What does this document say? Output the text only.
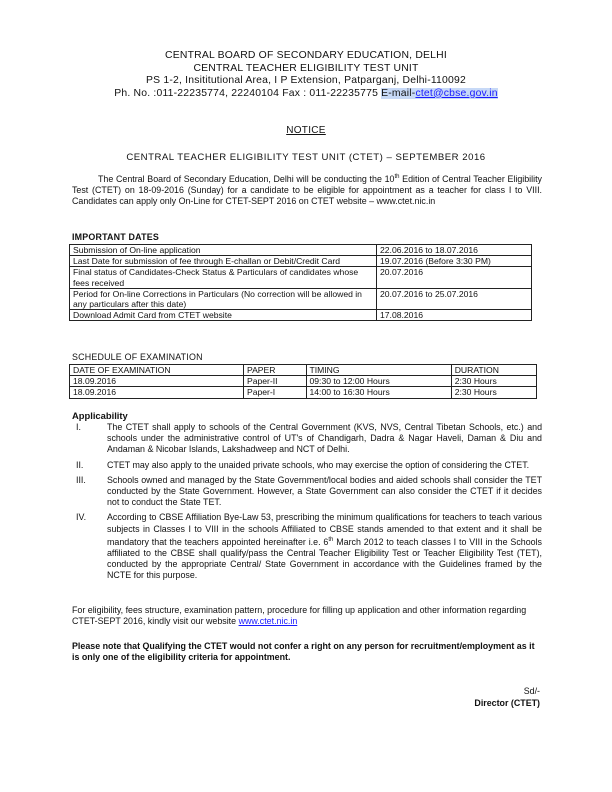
CENTRAL BOARD OF SECONDARY EDUCATION, DELHI
CENTRAL TEACHER ELIGIBILITY TEST UNIT
PS 1-2, Insititutional Area, I P Extension, Patparganj, Delhi-110092
Ph. No. :011-22235774, 22240104 Fax : 011-22235775 E-mail-ctet@cbse.gov.in
NOTICE
CENTRAL TEACHER ELIGIBILITY TEST UNIT (CTET) – SEPTEMBER 2016
The Central Board of Secondary Education, Delhi will be conducting the 10th Edition of Central Teacher Eligibility Test (CTET) on 18-09-2016 (Sunday) for a candidate to be eligible for appointment as a teacher for class I to VIII. Candidates can apply only On-Line for CTET-SEPT 2016 on CTET website – www.ctet.nic.in
IMPORTANT DATES
Submission of On-line application	22.06.2016 to 18.07.2016
Last Date for submission of fee through E-challan or Debit/Credit Card	19.07.2016 (Before 3:30 PM)
Final status of Candidates-Check Status & Particulars of candidates whose fees received	20.07.2016
Period for On-line Corrections in Particulars (No correction will be allowed in any particulars after this date)	20.07.2016 to 25.07.2016
Download Admit Card from CTET website	17.08.2016
SCHEDULE OF EXAMINATION
DATE OF EXAMINATION	PAPER	TIMING	DURATION
18.09.2016	Paper-II	09:30 to 12:00 Hours	2:30 Hours
18.09.2016	Paper-I	14:00 to 16:30 Hours	2:30 Hours
Applicability
I.	The CTET shall apply to schools of the Central Government (KVS, NVS, Central Tibetan Schools, etc.) and schools under the administrative control of UT's of Chandigarh, Dadra & Nagar Haveli, Daman & Diu and Andaman & Nicobar Islands, Lakshadweep and NCT of Delhi.
II.	CTET may also apply to the unaided private schools, who may exercise the option of considering the CTET.
III.	Schools owned and managed by the State Government/local bodies and aided schools shall consider the TET conducted by the State Government. However, a State Government can also consider the CTET if it decides not to conduct the State TET.
IV.	According to CBSE Affiliation Bye-Law 53, prescribing the minimum qualifications for teachers to teach various subjects in Classes I to VIII in the schools Affiliated to CBSE stands amended to that extent and it shall be mandatory that the teachers appointed hereinafter i.e. 6th March 2012 to teach classes I to VIII in the Schools affiliated to the CBSE shall qualify/pass the Central Teacher Eligibility Test or Teacher Eligibility Test (TET), conducted by the appropriate Central/ State Government in accordance with the Guidelines framed by the NCTE for this purpose.
For eligibility, fees structure, examination pattern, procedure for filling up application and other information regarding CTET-SEPT 2016, kindly visit our website www.ctet.nic.in
Please note that Qualifying the CTET would not confer a right on any person for recruitment/employment as it is only one of the eligibility criteria for appointment.
Sd/-
Director (CTET)
